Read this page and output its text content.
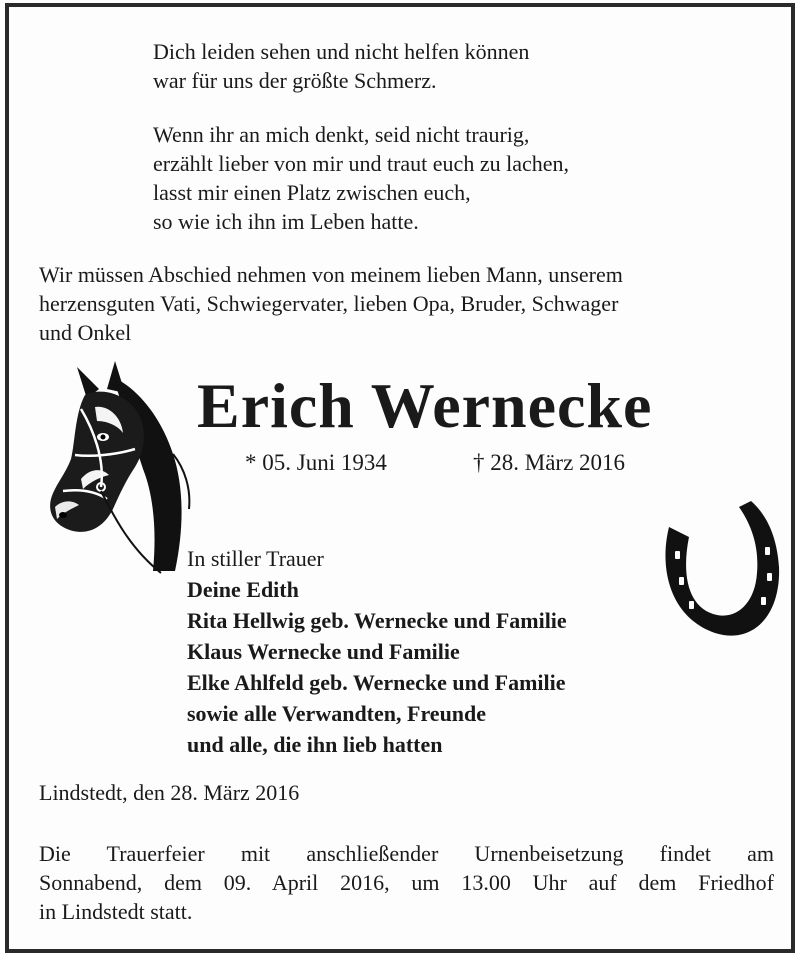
Dich leiden sehen und nicht helfen können
war für uns der größte Schmerz.
Wenn ihr an mich denkt, seid nicht traurig,
erzählt lieber von mir und traut euch zu lachen,
lasst mir einen Platz zwischen euch,
so wie ich ihn im Leben hatte.
Wir müssen Abschied nehmen von meinem lieben Mann, unserem
herzensguten Vati, Schwiegervater, lieben Opa, Bruder, Schwager
und Onkel
Erich Wernecke
* 05. Juni 1934	† 28. März 2016
In stiller Trauer
Deine Edith
Rita Hellwig geb. Wernecke und Familie
Klaus Wernecke und Familie
Elke Ahlfeld geb. Wernecke und Familie
sowie alle Verwandten, Freunde
und alle, die ihn lieb hatten
Lindstedt, den 28. März 2016
Die Trauerfeier mit anschließender Urnenbeisetzung findet am
Sonnabend, dem 09. April 2016, um 13.00 Uhr auf dem Friedhof
in Lindstedt statt.
